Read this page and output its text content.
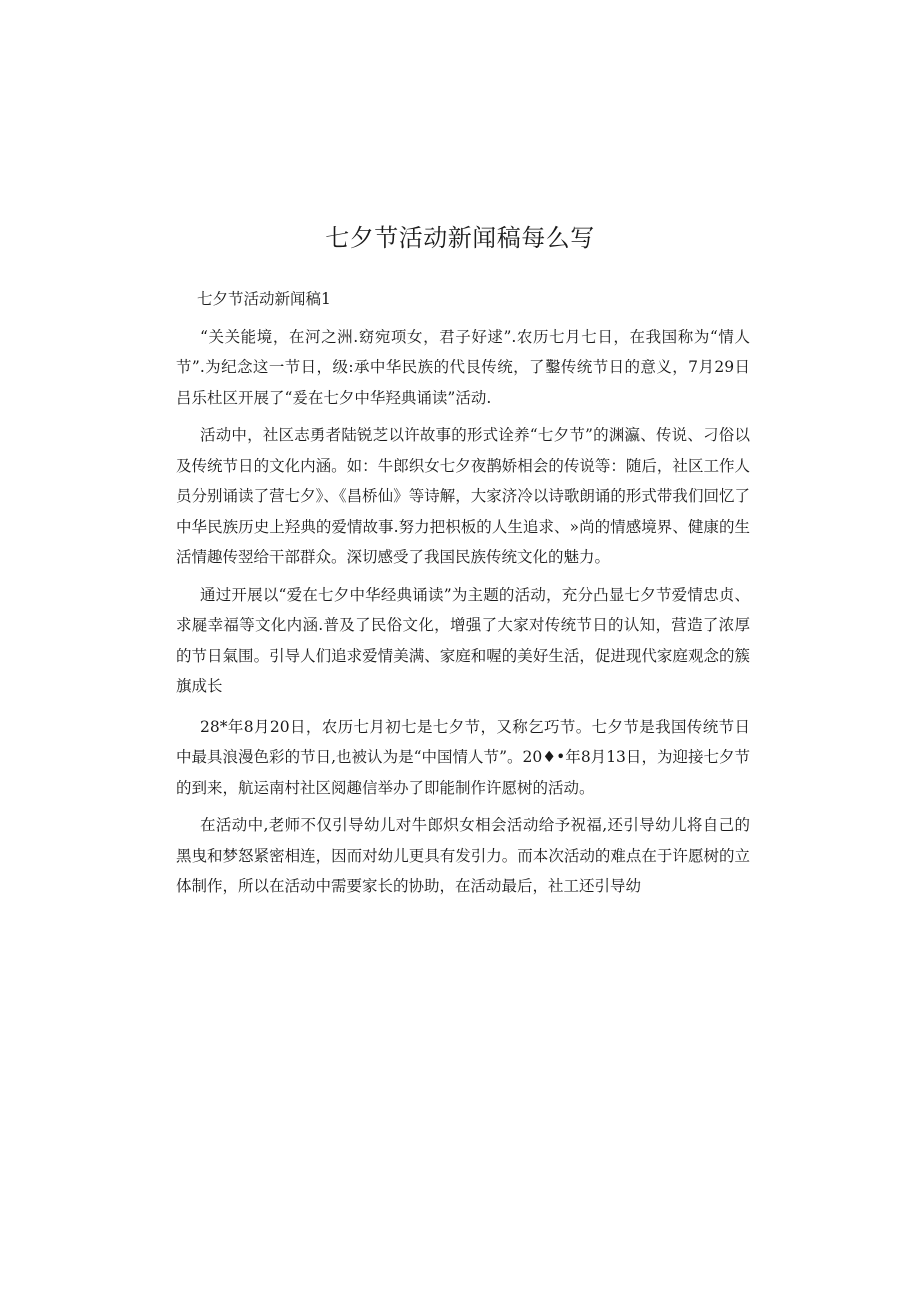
七夕节活动新闻稿每么写

七夕节活动新闻稿1

“关关能境，在河之洲.窈宛项女，君子好逑”.农历七月七日，在我国称为“情人节”.为纪念这一节日，级:承中华民族的代艮传统，了鑿传统节日的意义，7月29日吕乐杜区开展了“爰在七夕中华羟典诵读”活动.

活动中，社区志勇者陆锐芝以许故事的形式诠养“七夕节”的渊瀛、传说、刁俗以及传统节日的文化内涵。如：牛郎织女七夕夜鹊娇相会的传说等：随后，社区工作人员分别诵读了营七夕》、《昌桥仙》等诗解，大家济冷以诗歌朗诵的形式带我们回忆了中华民族历史上羟典的爱情故事.努力把枳板的人生追求、»尚的情感境界、健康的生活情趣传翌给干部群众。深切感受了我国民族传统文化的魅力。

通过开展以“爱在七夕中华经典诵读”为主题的活动，充分凸显七夕节爱情忠贞、求屣幸福等文化内涵.普及了民俗文化，增强了大家对传统节日的认知，营造了浓厚的节日氣围。引导人们追求爱情美满、家庭和喔的美好生活，促进现代家庭观念的簇旗成长

28*年8月20日，农历七月初七是七夕节，又称乞巧节。七夕节是我国传统节日中最具浪漫色彩的节日,也被认为是“中国情人节”。20♦•年8月13日，为迎接七夕节的到来，航运南村社区阅趣信举办了即能制作许愿树的活动。

在活动中,老师不仅引导幼儿对牛郎炽女相会活动给予祝福,还引导幼儿将自己的黑曳和梦怒紧密相连，因而对幼儿更具有发引力。而本次活动的难点在于许愿树的立体制作，所以在活动中需要家长的协助，在活动最后，社工还引导幼
